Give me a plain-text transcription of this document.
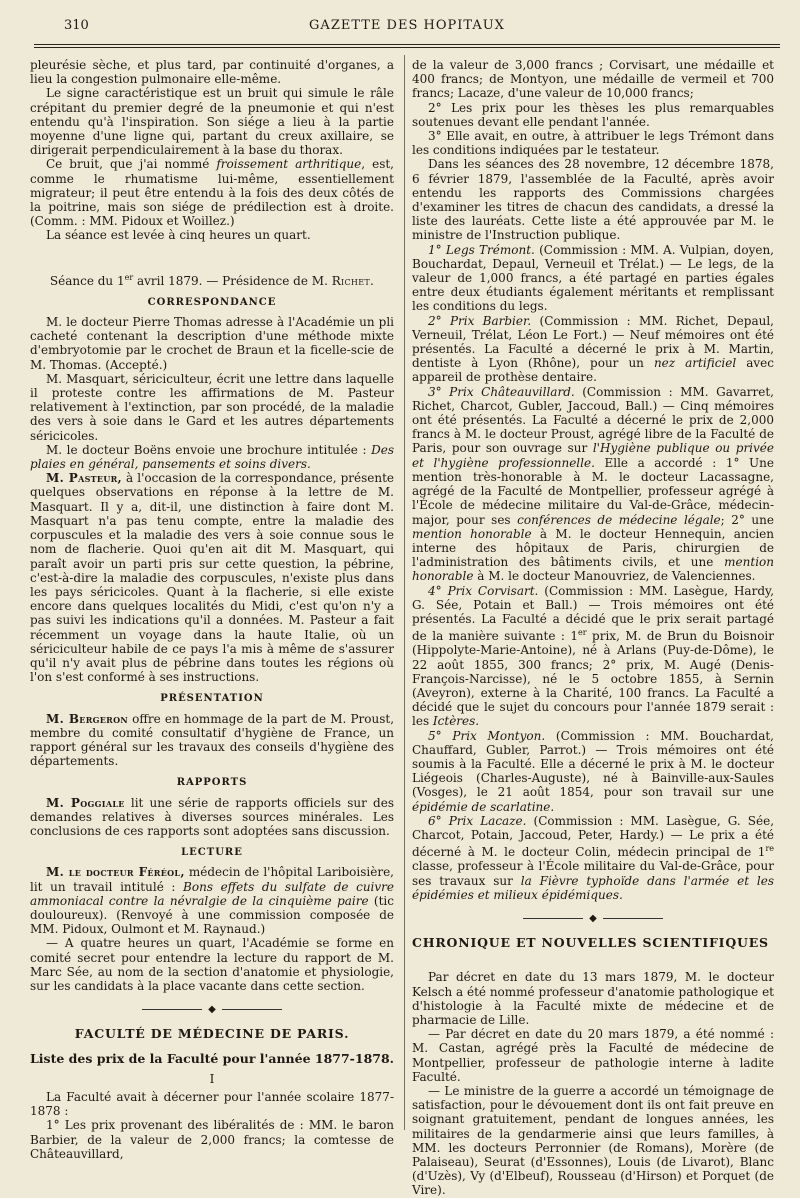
310	GAZETTE DES HOPITAUX

pleurésie sèche, et plus tard, par continuité d'organes, a lieu la congestion pulmonaire elle-même.

Le signe caractéristique est un bruit qui simule le râle crépitant du premier degré de la pneumonie et qui n'est entendu qu'à l'inspiration. Son siége a lieu à la partie moyenne d'une ligne qui, partant du creux axillaire, se dirigerait perpendiculairement à la base du thorax.

Ce bruit, que j'ai nommé froissement arthritique, est, comme le rhumatisme lui-même, essentiellement migrateur; il peut être entendu à la fois des deux côtés de la poitrine, mais son siége de prédilection est à droite. (Comm. : MM. Pidoux et Woillez.)

La séance est levée à cinq heures un quart.

Séance du 1er avril 1879. — Présidence de M. Richet.

CORRESPONDANCE

M. le docteur Pierre Thomas adresse à l'Académie un pli cacheté contenant la description d'une méthode mixte d'embryotomie par le crochet de Braun et la ficelle-scie de M. Thomas. (Accepté.)

M. Masquart, sériciculteur, écrit une lettre dans laquelle il proteste contre les affirmations de M. Pasteur relativement à l'extinction, par son procédé, de la maladie des vers à soie dans le Gard et les autres départements séricicoles.

M. le docteur Boëns envoie une brochure intitulée : Des plaies en général, pansements et soins divers.

M. Pasteur, à l'occasion de la correspondance, présente quelques observations en réponse à la lettre de M. Masquart. Il y a, dit-il, une distinction à faire dont M. Masquart n'a pas tenu compte, entre la maladie des corpuscules et la maladie des vers à soie connue sous le nom de flacherie. Quoi qu'en ait dit M. Masquart, qui paraît avoir un parti pris sur cette question, la pébrine, c'est-à-dire la maladie des corpuscules, n'existe plus dans les pays séricicoles. Quant à la flacherie, si elle existe encore dans quelques localités du Midi, c'est qu'on n'y a pas suivi les indications qu'il a données. M. Pasteur a fait récemment un voyage dans la haute Italie, où un sériciculteur habile de ce pays l'a mis à même de s'assurer qu'il n'y avait plus de pébrine dans toutes les régions où l'on s'est conformé à ses instructions.

PRÉSENTATION

M. Bergeron offre en hommage de la part de M. Proust, membre du comité consultatif d'hygiène de France, un rapport général sur les travaux des conseils d'hygiène des départements.

RAPPORTS

M. Poggiale lit une série de rapports officiels sur des demandes relatives à diverses sources minérales. Les conclusions de ces rapports sont adoptées sans discussion.

LECTURE

M. le docteur Féréol, médecin de l'hôpital Lariboisière, lit un travail intitulé : Bons effets du sulfate de cuivre ammoniacal contre la névralgie de la cinquième paire (tic douloureux). (Renvoyé à une commission composée de MM. Pidoux, Oulmont et M. Raynaud.)

— A quatre heures un quart, l'Académie se forme en comité secret pour entendre la lecture du rapport de M. Marc Sée, au nom de la section d'anatomie et physiologie, sur les candidats à la place vacante dans cette section.

◆

FACULTÉ DE MÉDECINE DE PARIS.

Liste des prix de la Faculté pour l'année 1877-1878.

I

La Faculté avait à décerner pour l'année scolaire 1877-1878 :

1° Les prix provenant des libéralités de : MM. le baron Barbier, de la valeur de 2,000 francs; la comtesse de Châteauvillard,

de la valeur de 3,000 francs ; Corvisart, une médaille et 400 francs; de Montyon, une médaille de vermeil et 700 francs; Lacaze, d'une valeur de 10,000 francs;

2° Les prix pour les thèses les plus remarquables soutenues devant elle pendant l'année.

3° Elle avait, en outre, à attribuer le legs Trémont dans les conditions indiquées par le testateur.

Dans les séances des 28 novembre, 12 décembre 1878, 6 février 1879, l'assemblée de la Faculté, après avoir entendu les rapports des Commissions chargées d'examiner les titres de chacun des candidats, a dressé la liste des lauréats. Cette liste a été approuvée par M. le ministre de l'Instruction publique.

1° Legs Trémont. (Commission : MM. A. Vulpian, doyen, Bouchardat, Depaul, Verneuil et Trélat.) — Le legs, de la valeur de 1,000 francs, a été partagé en parties égales entre deux étudiants également méritants et remplissant les conditions du legs.

2° Prix Barbier. (Commission : MM. Richet, Depaul, Verneuil, Trélat, Léon Le Fort.) — Neuf mémoires ont été présentés. La Faculté a décerné le prix à M. Martin, dentiste à Lyon (Rhône), pour un nez artificiel avec appareil de prothèse dentaire.

3° Prix Châteauvillard. (Commission : MM. Gavarret, Richet, Charcot, Gubler, Jaccoud, Ball.) — Cinq mémoires ont été présentés. La Faculté a décerné le prix de 2,000 francs à M. le docteur Proust, agrégé libre de la Faculté de Paris, pour son ouvrage sur l'Hygiène publique ou privée et l'hygiène professionnelle. Elle a accordé : 1° Une mention très-honorable à M. le docteur Lacassagne, agrégé de la Faculté de Montpellier, professeur agrégé à l'École de médecine militaire du Val-de-Grâce, médecin-major, pour ses conférences de médecine légale; 2° une mention honorable à M. le docteur Hennequin, ancien interne des hôpitaux de Paris, chirurgien de l'administration des bâtiments civils, et une mention honorable à M. le docteur Manouvriez, de Valenciennes.

4° Prix Corvisart. (Commission : MM. Lasègue, Hardy, G. Sée, Potain et Ball.) — Trois mémoires ont été présentés. La Faculté a décidé que le prix serait partagé de la manière suivante : 1er prix, M. de Brun du Boisnoir (Hippolyte-Marie-Antoine), né à Arlans (Puy-de-Dôme), le 22 août 1855, 300 francs; 2° prix, M. Augé (Denis-François-Narcisse), né le 5 octobre 1855, à Sernin (Aveyron), externe à la Charité, 100 francs. La Faculté a décidé que le sujet du concours pour l'année 1879 serait : les Ictères.

5° Prix Montyon. (Commission : MM. Bouchardat, Chauffard, Gubler, Parrot.) — Trois mémoires ont été soumis à la Faculté. Elle a décerné le prix à M. le docteur Liégeois (Charles-Auguste), né à Bainville-aux-Saules (Vosges), le 21 août 1854, pour son travail sur une épidémie de scarlatine.

6° Prix Lacaze. (Commission : MM. Lasègue, G. Sée, Charcot, Potain, Jaccoud, Peter, Hardy.) — Le prix a été décerné à M. le docteur Colin, médecin principal de 1re classe, professeur à l'École militaire du Val-de-Grâce, pour ses travaux sur la Fièvre typhoïde dans l'armée et les épidémies et milieux épidémiques.

◆

CHRONIQUE ET NOUVELLES SCIENTIFIQUES

Par décret en date du 13 mars 1879, M. le docteur Kelsch a été nommé professeur d'anatomie pathologique et d'histologie à la Faculté mixte de médecine et de pharmacie de Lille.

— Par décret en date du 20 mars 1879, a été nommé : M. Castan, agrégé près la Faculté de médecine de Montpellier, professeur de pathologie interne à ladite Faculté.

— Le ministre de la guerre a accordé un témoignage de satisfaction, pour le dévouement dont ils ont fait preuve en soignant gratuitement, pendant de longues années, les militaires de la gendarmerie ainsi que leurs familles, à MM. les docteurs Perronnier (de Romans), Morère (de Palaiseau), Seurat (d'Essonnes), Louis (de Livarot), Blanc (d'Uzès), Vy (d'Elbeuf), Rousseau (d'Hirson) et Porquet (de Vire).
